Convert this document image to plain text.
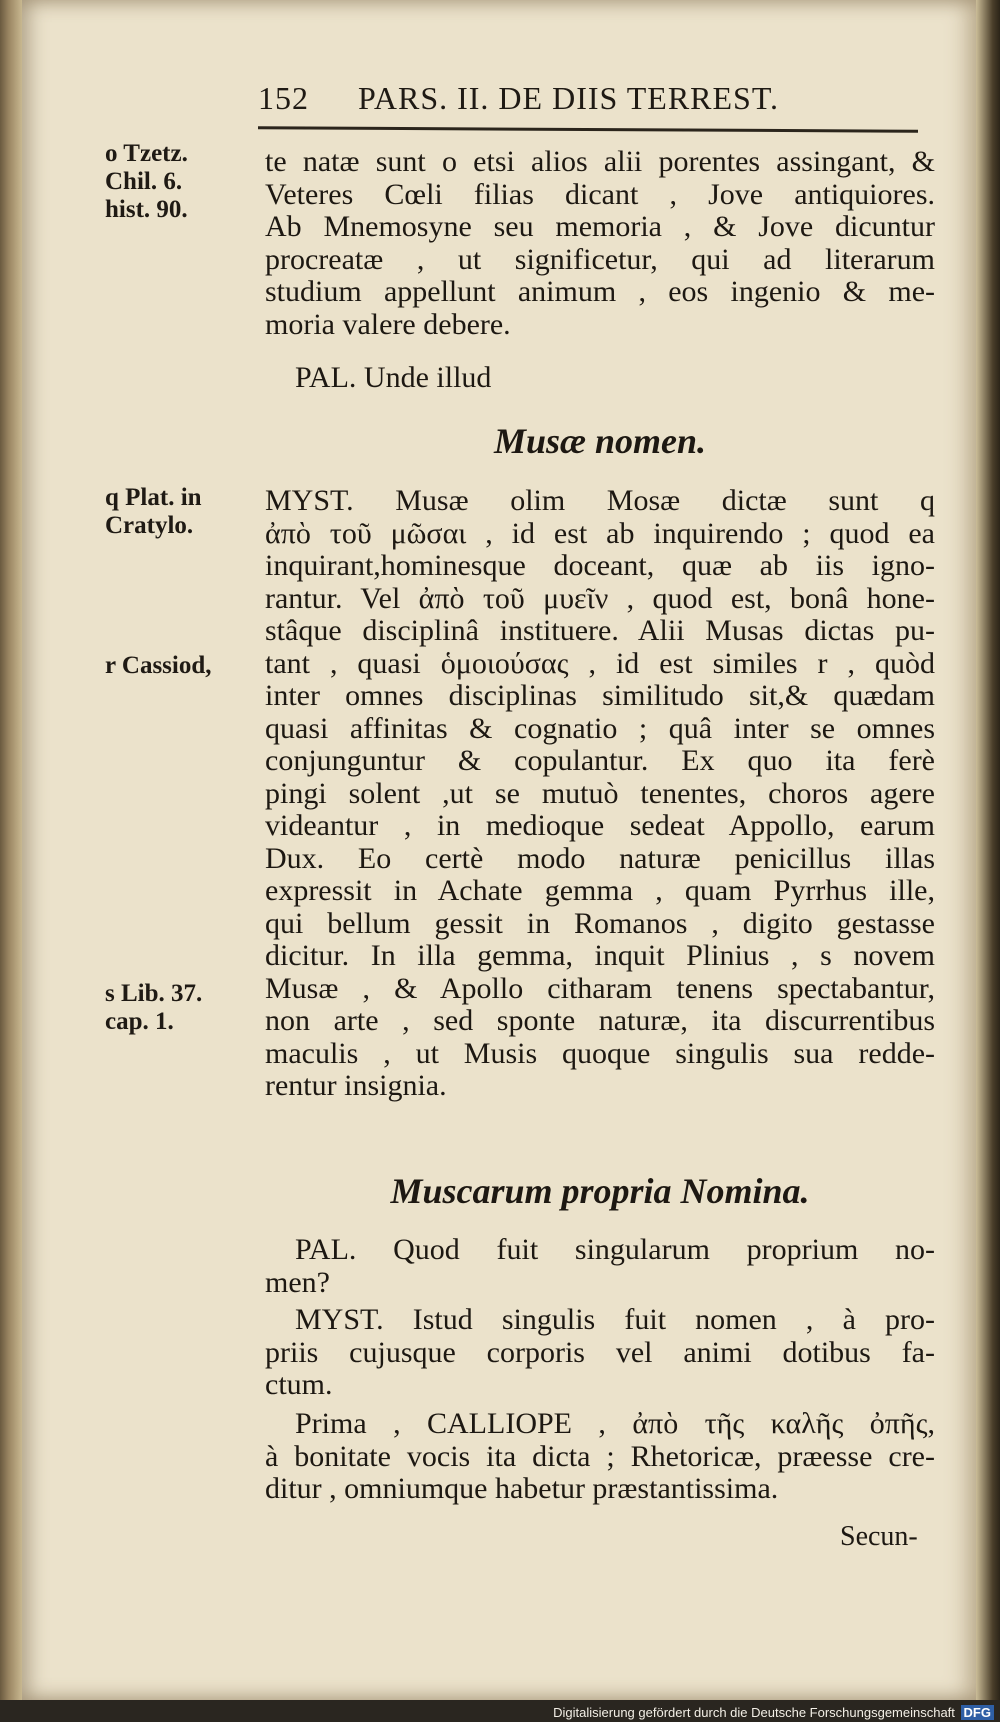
152 PARS. II. DE DIIS TERREST.
o Tzetz.
Chil. 6.
hist. 90.
q Plat. in
Cratylo.
r Cassiod,
s Lib. 37.
cap. 1.
te natæ sunt o etsi alios alii porentes assingant, &
Veteres Cœli filias dicant , Jove antiquiores.
Ab Mnemosyne seu memoria , & Jove dicuntur
procreatæ , ut significetur, qui ad literarum
studium appellunt animum , eos ingenio & me-
moria valere debere.
PAL. Unde illud
Musæ nomen.
MYST. Musæ olim Mosæ dictæ sunt q
ἀπὸ τοῦ μῶσαι , id est ab inquirendo ; quod ea
inquirant,hominesque doceant, quæ ab iis igno-
rantur. Vel ἀπὸ τοῦ μυεῖν , quod est, bonâ hone-
stâque disciplinâ instituere. Alii Musas dictas pu-
tant , quasi ὁμοιούσας , id est similes r , quòd
inter omnes disciplinas similitudo sit,& quædam
quasi affinitas & cognatio ; quâ inter se omnes
conjunguntur & copulantur. Ex quo ita ferè
pingi solent ,ut se mutuò tenentes, choros agere
videantur , in medioque sedeat Appollo, earum
Dux. Eo certè modo naturæ penicillus illas
expressit in Achate gemma , quam Pyrrhus ille,
qui bellum gessit in Romanos , digito gestasse
dicitur. In illa gemma, inquit Plinius , s novem
Musæ , & Apollo citharam tenens spectabantur,
non arte , sed sponte naturæ, ita discurrentibus
maculis , ut Musis quoque singulis sua redde-
rentur insignia.
Muscarum propria Nomina.
PAL. Quod fuit singularum proprium no-
men?
MYST. Istud singulis fuit nomen , à pro-
priis cujusque corporis vel animi dotibus fa-
ctum.
Prima , CALLIOPE , ἀπὸ τῆς καλῆς ὀπῆς,
à bonitate vocis ita dicta ; Rhetoricæ, præesse cre-
ditur , omniumque habetur præstantissima.
Secun-
Digitalisierung gefördert durch die Deutsche Forschungsgemeinschaft DFG
